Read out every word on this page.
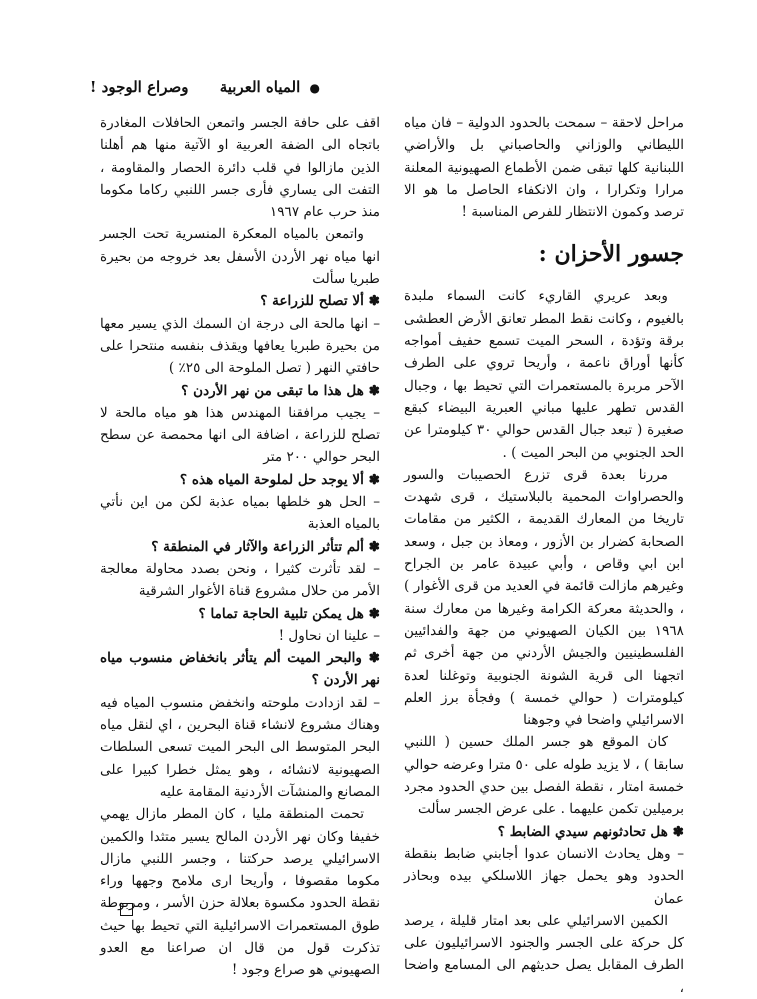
● المياه العربية وصراع الوجود !

مراحل لاحقة – سمحت بالحدود الدولية – فان مياه الليطاني والوزاني والحاصباني بل والأراضي اللبنانية كلها تبقى ضمن الأطماع الصهيونية المعلنة مرارا وتكرارا ، وان الانكفاء الحاصل ما هو الا ترصد وكمون الانتظار للفرص المناسبة !

جسور الأحزان :

وبعد عريري القاريء كانت السماء ملبدة بالغيوم ، وكانت نقط المطر تعانق الأرض العطشى برقة وتؤدة ، السحر الميت تسمع حفيف أمواجه كأنها أوراق ناعمة ، وأريحا تروي على الطرف الآحر مربرة بالمستعمرات التي تحيط بها ، وجبال القدس تطهر عليها مباني العبرية البيضاء كبقع صغيرة ( تبعد جبال القدس حوالي ٣٠ كيلومترا عن الحد الجنوبي من البحر الميت ) .

مررنا بعدة قرى تزرع الحصيبات والسور والحصراوات المحمية بالبلاستيك ، قرى شهدت تاريخا من المعارك القديمة ، الكثير من مقامات الصحابة كضرار بن الأزور ، ومعاذ بن جبل ، وسعد ابن ابي وقاص ، وأبي عبيدة عامر بن الجراح وغيرهم مازالت قائمة في العديد من قرى الأغوار ) ، والحديثة معركة الكرامة وغيرها من معارك سنة ١٩٦٨ بين الكيان الصهيوني من جهة والفدائيين الفلسطينيين والجيش الأردني من جهة أخرى ثم اتجهنا الى قرية الشونة الجنوبية وتوغلنا لعدة كيلومترات ( حوالي خمسة ) وفجأة برز العلم الاسرائيلي واضحا في وجوهنا

كان الموقع هو جسر الملك حسين ( اللنبي سابقا ) ، لا يزيد طوله على ٥٠ مترا وعرضه حوالي خمسة امتار ، نقطة الفصل بين حدي الحدود مجرد برميلين تكمن عليهما . على عرض الجسر سألت

✽ هل تحادثونهم سيدي الضابط ؟

– وهل يحادث الانسان عدوا أجابني ضابط بنقطة الحدود وهو يحمل جهاز اللاسلكي بيده وبحاذر عمان

الكمين الاسرائيلي على بعد امتار قليلة ، يرصد كل حركة على الجسر والجنود الاسرائيليون على الطرف المقابل يصل حديثهم الى المسامع واضحا ،

اقف على حافة الجسر واتمعن الحافلات المغادرة باتجاه الى الضفة العربية او الآتية منها هم أهلنا الذين مازالوا في قلب دائرة الحصار والمقاومة ، التفت الى يساري فأرى جسر اللنبي ركاما مكوما منذ حرب عام ١٩٦٧

واتمعن بالمياه المعكرة المنسرية تحت الجسر انها مياه نهر الأردن الأسفل بعد خروجه من بحيرة طبريا سألت

✽ ألا تصلح للزراعة ؟

– انها مالحة الى درجة ان السمك الذي يسير معها من بحيرة طبريا يعافها ويقذف بنفسه منتحرا على حافتي النهر ( تصل الملوحة الى ٢٥٪ )

✽ هل هذا ما تبقى من نهر الأردن ؟

– يجيب مرافقنا المهندس هذا هو مياه مالحة لا تصلح للزراعة ، اضافة الى انها محمصة عن سطح البحر حوالي ٢٠٠ متر

✽ ألا يوجد حل لملوحة المياه هذه ؟

– الحل هو خلطها بمياه عذبة لكن من اين نأتي بالمياه العذبة

✽ ألم تتأثر الزراعة والآثار في المنطقة ؟

– لقد تأثرت كثيرا ، ونحن بصدد محاولة معالجة الأمر من حلال مشروع قناة الأغوار الشرقية

✽ هل يمكن تلبية الحاجة تماما ؟

– علينا ان نحاول !

✽ والبحر الميت ألم يتأثر بانخفاض منسوب مياه نهر الأردن ؟

– لقد ازدادت ملوحته وانخفض منسوب المياه فيه وهناك مشروع لانشاء قناة البحرين ، اي لنقل مياه البحر المتوسط الى البحر الميت تسعى السلطات الصهيونية لانشائه ، وهو يمثل خطرا كبيرا على المصانع والمنشآت الأردنية المقامة عليه

تحمت المنطقة مليا ، كان المطر مازال يهمي خفيفا وكان نهر الأردن المالح يسير متثدا والكمين الاسرائيلي يرصد حركتنا ، وجسر اللنبي مازال مكوما مقصوفا ، وأريحا ارى ملامح وجهها وراء نقطة الحدود مكسوة بعلالة حزن الأسر ، ومربوطة طوق المستعمرات الاسرائيلية التي تحيط بها حيث تذكرت قول من قال ان صراعنا مع العدو الصهيوني هو صراع وجود !
